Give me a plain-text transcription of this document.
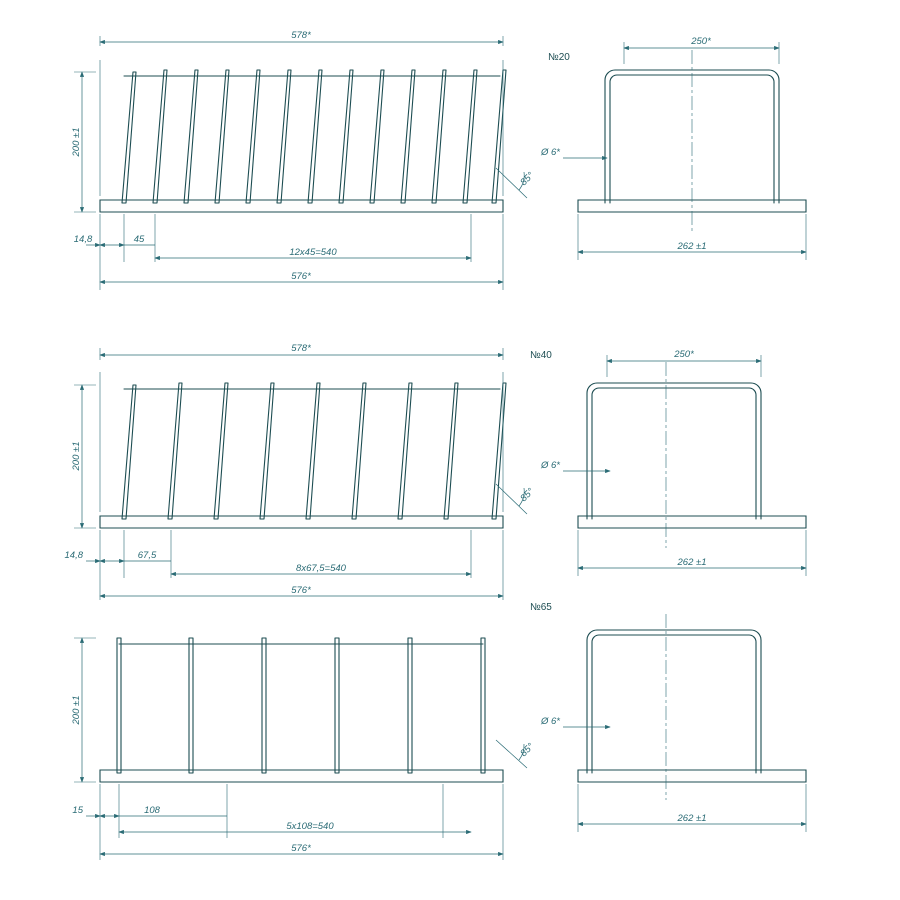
578*
200 ±1
14,8	45
12x45=540
576*
85°
№20
250*
Ø 6*
262 ±1
578*
200 ±1
14,8	67,5
8x67,5=540
576*
85°
№40	250*
Ø 6*
262 ±1
200 ±1
15	108
5x108=540
576*
85°
№65
Ø 6*
262 ±1
